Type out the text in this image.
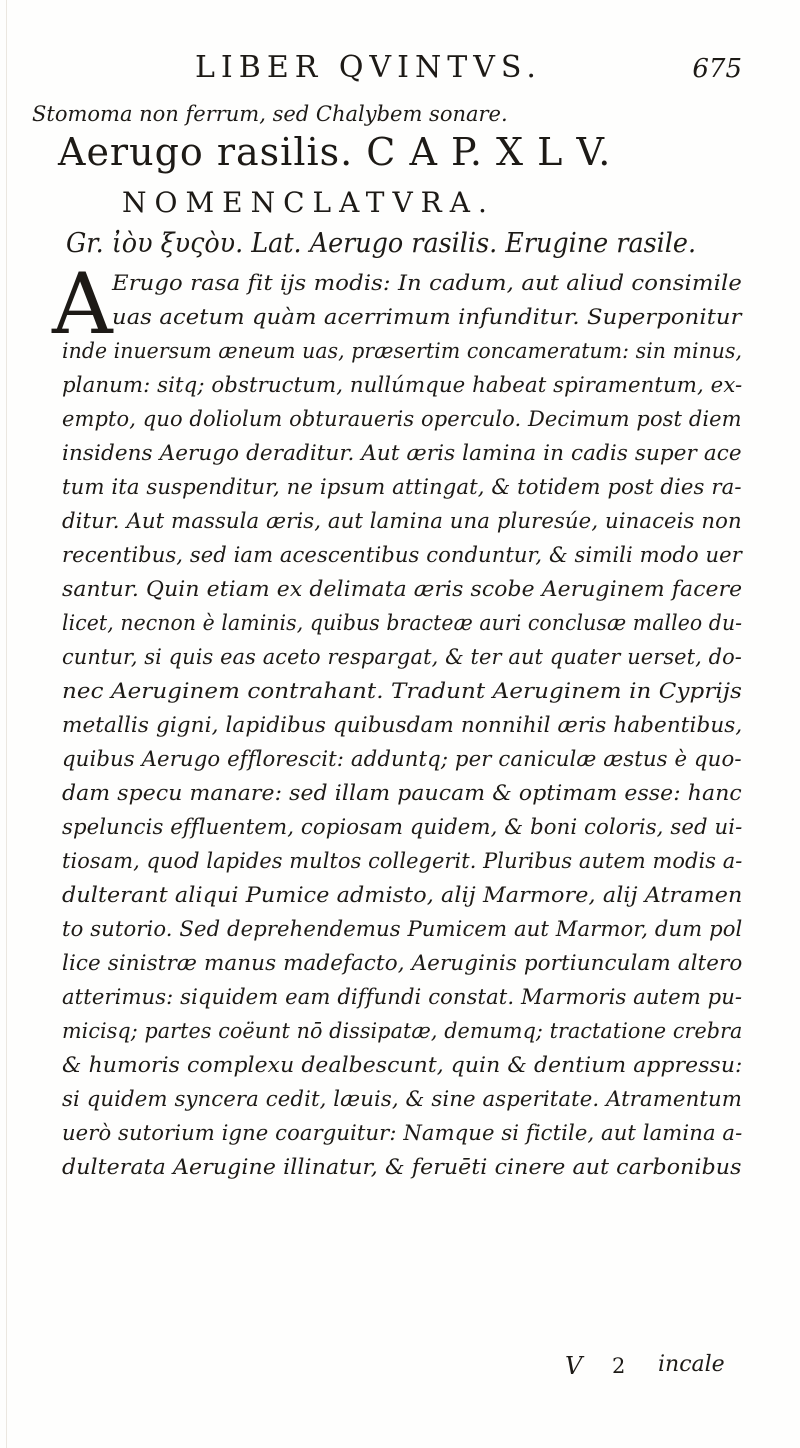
LIBER QVINTVS.	675
Stomoma non ferrum, sed Chalybem sonare.
Aerugo rasilis. C A P. X L V.
NOMENCLATVRA.
Gr. ἰὸυ ξυςὸυ. Lat. Aerugo rasilis. Erugine rasile.
A Erugo rasa fit ijs modis: In cadum, aut aliud consimile
uas acetum quàm acerrimum infunditur. Superponitur
inde inuersum æneum uas, præsertim concameratum: sin minus,
planum: sitq; obstructum, nullúmque habeat spiramentum, ex-
empto, quo doliolum obturaueris operculo. Decimum post diem
insidens Aerugo deraditur. Aut æris lamina in cadis super ace
tum ita suspenditur, ne ipsum attingat, & totidem post dies ra-
ditur. Aut massula æris, aut lamina una pluresúe, uinaceis non
recentibus, sed iam acescentibus conduntur, & simili modo uer
santur. Quin etiam ex delimata æris scobe Aeruginem facere
licet, necnon è laminis, quibus bracteæ auri conclusæ malleo du-
cuntur, si quis eas aceto respargat, & ter aut quater uerset, do-
nec Aeruginem contrahant. Tradunt Aeruginem in Cyprijs
metallis gigni, lapidibus quibusdam nonnihil æris habentibus,
quibus Aerugo efflorescit: adduntq; per caniculæ æstus è quo-
dam specu manare: sed illam paucam & optimam esse: hanc
speluncis effluentem, copiosam quidem, & boni coloris, sed ui-
tiosam, quod lapides multos collegerit. Pluribus autem modis a-
dulterant aliqui Pumice admisto, alij Marmore, alij Atramen
to sutorio. Sed deprehendemus Pumicem aut Marmor, dum pol
lice sinistræ manus madefacto, Aeruginis portiunculam altero
atterimus: siquidem eam diffundi constat. Marmoris autem pu-
micisq; partes coëunt nō dissipatæ, demumq; tractatione crebra
& humoris complexu dealbescunt, quin & dentium appressu:
si quidem syncera cedit, læuis, & sine asperitate. Atramentum
uerò sutorium igne coarguitur: Namque si fictile, aut lamina a-
dulterata Aerugine illinatur, & feruēti cinere aut carbonibus
V 2 incale
